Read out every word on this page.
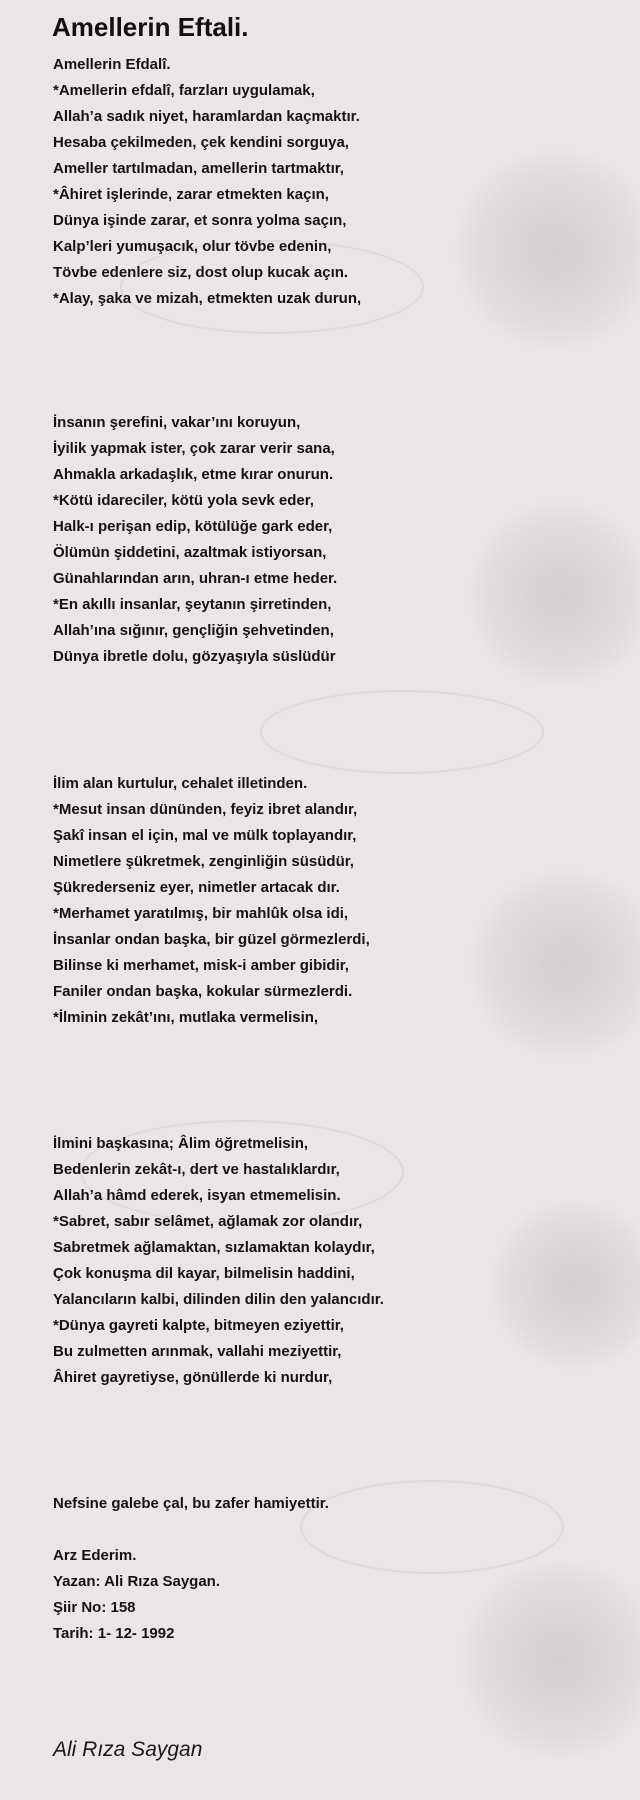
Amellerin Eftali.
Amellerin Efdalî.
*Amellerin efdalî, farzları uygulamak,
Allah’a sadık niyet, haramlardan kaçmaktır.
Hesaba çekilmeden, çek kendini sorguya,
Ameller tartılmadan, amellerin tartmaktır,
*Âhiret işlerinde, zarar etmekten kaçın,
Dünya işinde zarar, et sonra yolma saçın,
Kalp’leri yumuşacık, olur tövbe edenin,
Tövbe edenlere siz, dost olup kucak açın.
*Alay, şaka ve mizah, etmekten uzak durun,
İnsanın şerefini, vakar’ını koruyun,
İyilik yapmak ister, çok zarar verir sana,
Ahmakla arkadaşlık, etme kırar onurun.
*Kötü idareciler, kötü yola sevk eder,
Halk-ı perişan edip, kötülüğe gark eder,
Ölümün şiddetini, azaltmak istiyorsan,
Günahlarından arın, uhran-ı etme heder.
*En akıllı insanlar, şeytanın şirretinden,
Allah’ına sığınır, gençliğin şehvetinden,
Dünya ibretle dolu, gözyaşıyla süslüdür
İlim alan kurtulur, cehalet illetinden.
*Mesut insan dününden, feyiz ibret alandır,
Şakî insan el için, mal ve mülk toplayandır,
Nimetlere şükretmek, zenginliğin süsüdür,
Şükrederseniz eyer, nimetler artacak dır.
*Merhamet yaratılmış, bir mahlûk olsa idi,
İnsanlar ondan başka, bir güzel görmezlerdi,
Bilinse ki merhamet, misk-i amber gibidir,
Faniler ondan başka, kokular sürmezlerdi.
*İlminin zekât’ını, mutlaka vermelisin,
İlmini başkasına; Âlim öğretmelisin,
Bedenlerin zekât-ı, dert ve hastalıklardır,
Allah’a hâmd ederek, isyan etmemelisin.
*Sabret, sabır selâmet, ağlamak zor olandır,
Sabretmek ağlamaktan, sızlamaktan kolaydır,
Çok konuşma dil kayar, bilmelisin haddini,
Yalancıların kalbi, dilinden dilin den yalancıdır.
*Dünya gayreti kalpte, bitmeyen eziyettir,
Bu zulmetten arınmak, vallahi meziyettir,
Âhiret gayretiyse, gönüllerde ki nurdur,
Nefsine galebe çal, bu zafer hamiyettir.
Arz Ederim.
Yazan: Ali Rıza Saygan.
Şiir No: 158
Tarih: 1- 12- 1992
Ali Rıza Saygan
